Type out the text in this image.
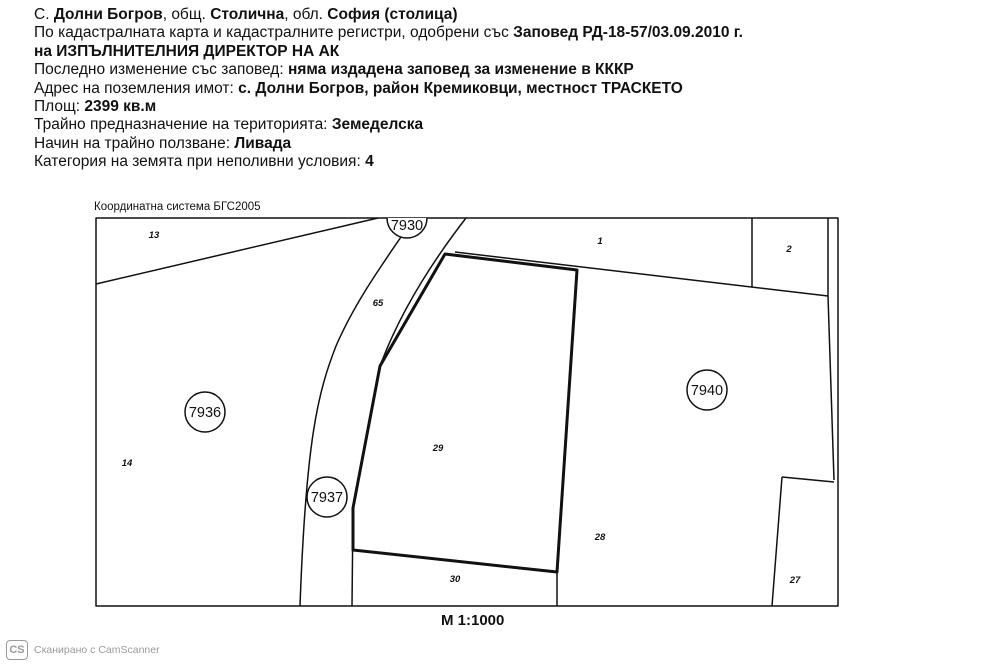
С. Долни Богров, общ. Столична, обл. София (столица)
По кадастралната карта и кадастралните регистри, одобрени със Заповед РД-18-57/03.09.2010 г.
на ИЗПЪЛНИТЕЛНИЯ ДИРЕКТОР НА АК
Последно изменение със заповед: няма издадена заповед за изменение в КККР
Адрес на поземления имот: с. Долни Богров, район Кремиковци, местност ТРАСКЕТО
Площ: 2399 кв.м
Трайно предназначение на територията: Земеделска
Начин на трайно ползване: Ливада
Категория на земята при неполивни условия: 4
Координатна система БГС2005
7936
7937
7940
7930
13
1
2
65
14
29
28
30	27
М 1:1000
CS Сканирано с CamScanner
